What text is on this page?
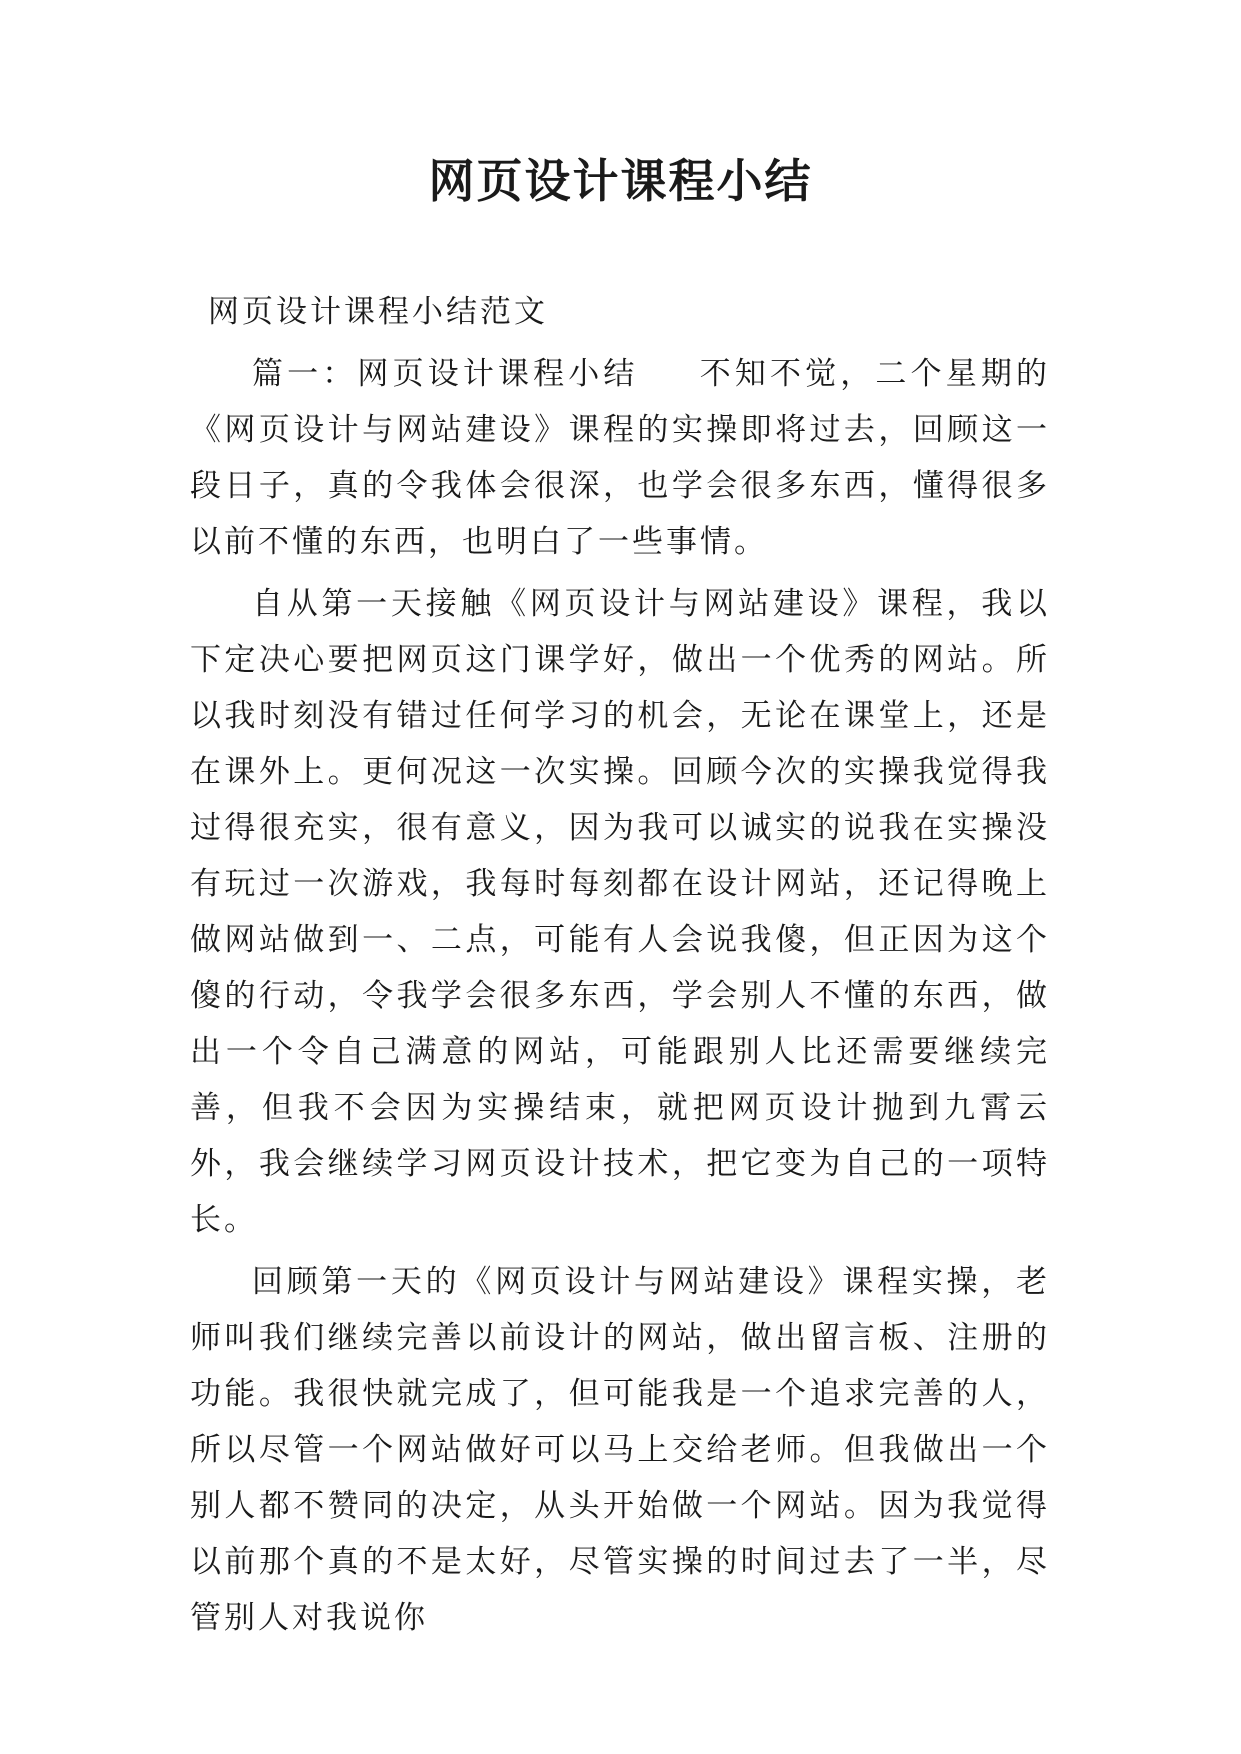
网页设计课程小结

网页设计课程小结范文

篇一：网页设计课程小结 不知不觉，二个星期的《网页设计与网站建设》课程的实操即将过去，回顾这一段日子，真的令我体会很深，也学会很多东西，懂得很多以前不懂的东西，也明白了一些事情。

自从第一天接触《网页设计与网站建设》课程，我以下定决心要把网页这门课学好，做出一个优秀的网站。所以我时刻没有错过任何学习的机会，无论在课堂上，还是在课外上。更何况这一次实操。回顾今次的实操我觉得我过得很充实，很有意义，因为我可以诚实的说我在实操没有玩过一次游戏，我每时每刻都在设计网站，还记得晚上做网站做到一、二点，可能有人会说我傻，但正因为这个傻的行动，令我学会很多东西，学会别人不懂的东西，做出一个令自己满意的网站，可能跟别人比还需要继续完善，但我不会因为实操结束，就把网页设计抛到九霄云外，我会继续学习网页设计技术，把它变为自己的一项特长。

回顾第一天的《网页设计与网站建设》课程实操，老师叫我们继续完善以前设计的网站，做出留言板、注册的功能。我很快就完成了，但可能我是一个追求完善的人，所以尽管一个网站做好可以马上交给老师。但我做出一个别人都不赞同的决定，从头开始做一个网站。因为我觉得以前那个真的不是太好，尽管实操的时间过去了一半，尽管别人对我说你
